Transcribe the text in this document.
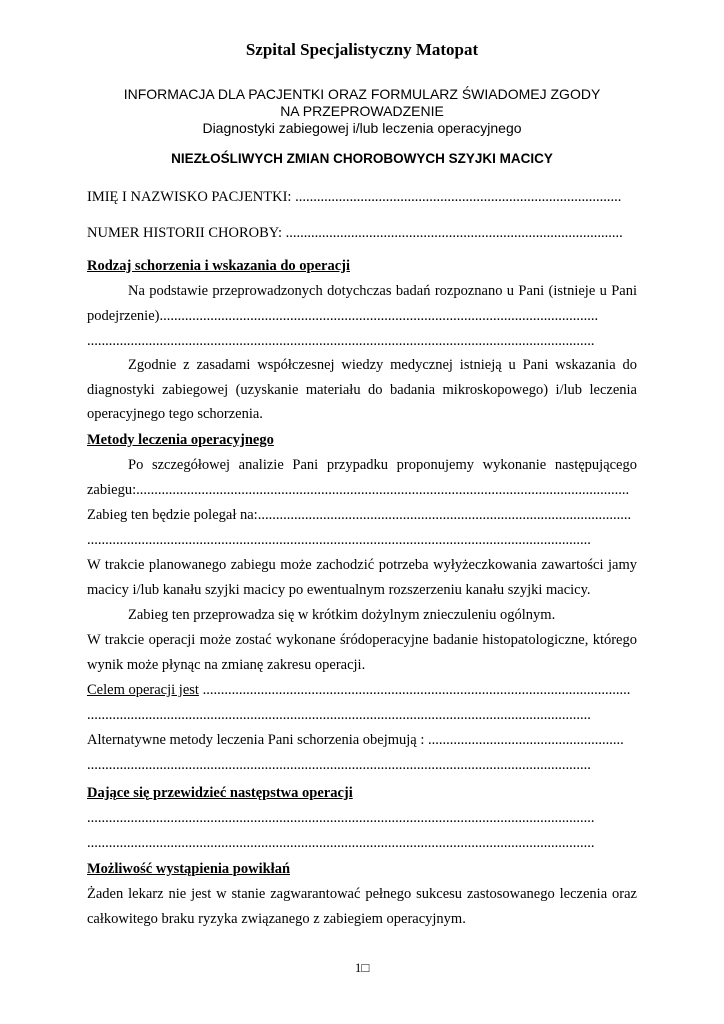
Szpital Specjalistyczny Matopat
INFORMACJA DLA PACJENTKI ORAZ FORMULARZ ŚWIADOMEJ ZGODY
NA PRZEPROWADZENIE
Diagnostyki zabiegowej i/lub leczenia operacyjnego
NIEZŁOŚLIWYCH ZMIAN CHOROBOWYCH SZYJKI MACICY
IMIĘ I NAZWISKO PACJENTKI: ..........................................................................................
NUMER HISTORII CHOROBY: .............................................................................................
Rodzaj schorzenia i wskazania do operacji
Na podstawie przeprowadzonych dotychczas badań rozpoznano u Pani (istnieje u Pani
podejrzenie).........................................................................................................................
............................................................................................................................................
Zgodnie z zasadami współczesnej wiedzy medycznej istnieją u Pani wskazania do
diagnostyki zabiegowej (uzyskanie materiału do badania mikroskopowego) i/lub leczenia
operacyjnego tego schorzenia.
Metody leczenia operacyjnego
Po szczegółowej analizie Pani przypadku proponujemy wykonanie następującego
zabiegu:........................................................................................................................................
Zabieg ten będzie polegał na:.......................................................................................................
...........................................................................................................................................
W trakcie planowanego zabiegu może zachodzić potrzeba wyłyżeczkowania zawartości jamy
macicy i/lub kanału szyjki macicy po ewentualnym rozszerzeniu kanału szyjki macicy.
Zabieg ten przeprowadza się w krótkim dożylnym znieczuleniu ogólnym.
W trakcie operacji może zostać wykonane śródoperacyjne badanie histopatologiczne, którego
wynik może płynąc na zmianę zakresu operacji.
Celem operacji jest ......................................................................................................................
...........................................................................................................................................
Alternatywne metody leczenia Pani schorzenia obejmują : ......................................................
...........................................................................................................................................
Dające się przewidzieć następstwa operacji
............................................................................................................................................
............................................................................................................................................
Możliwość wystąpienia powikłań
Żaden lekarz nie jest w stanie zagwarantować pełnego sukcesu zastosowanego leczenia oraz
całkowitego braku ryzyka związanego z zabiegiem operacyjnym.
1□
